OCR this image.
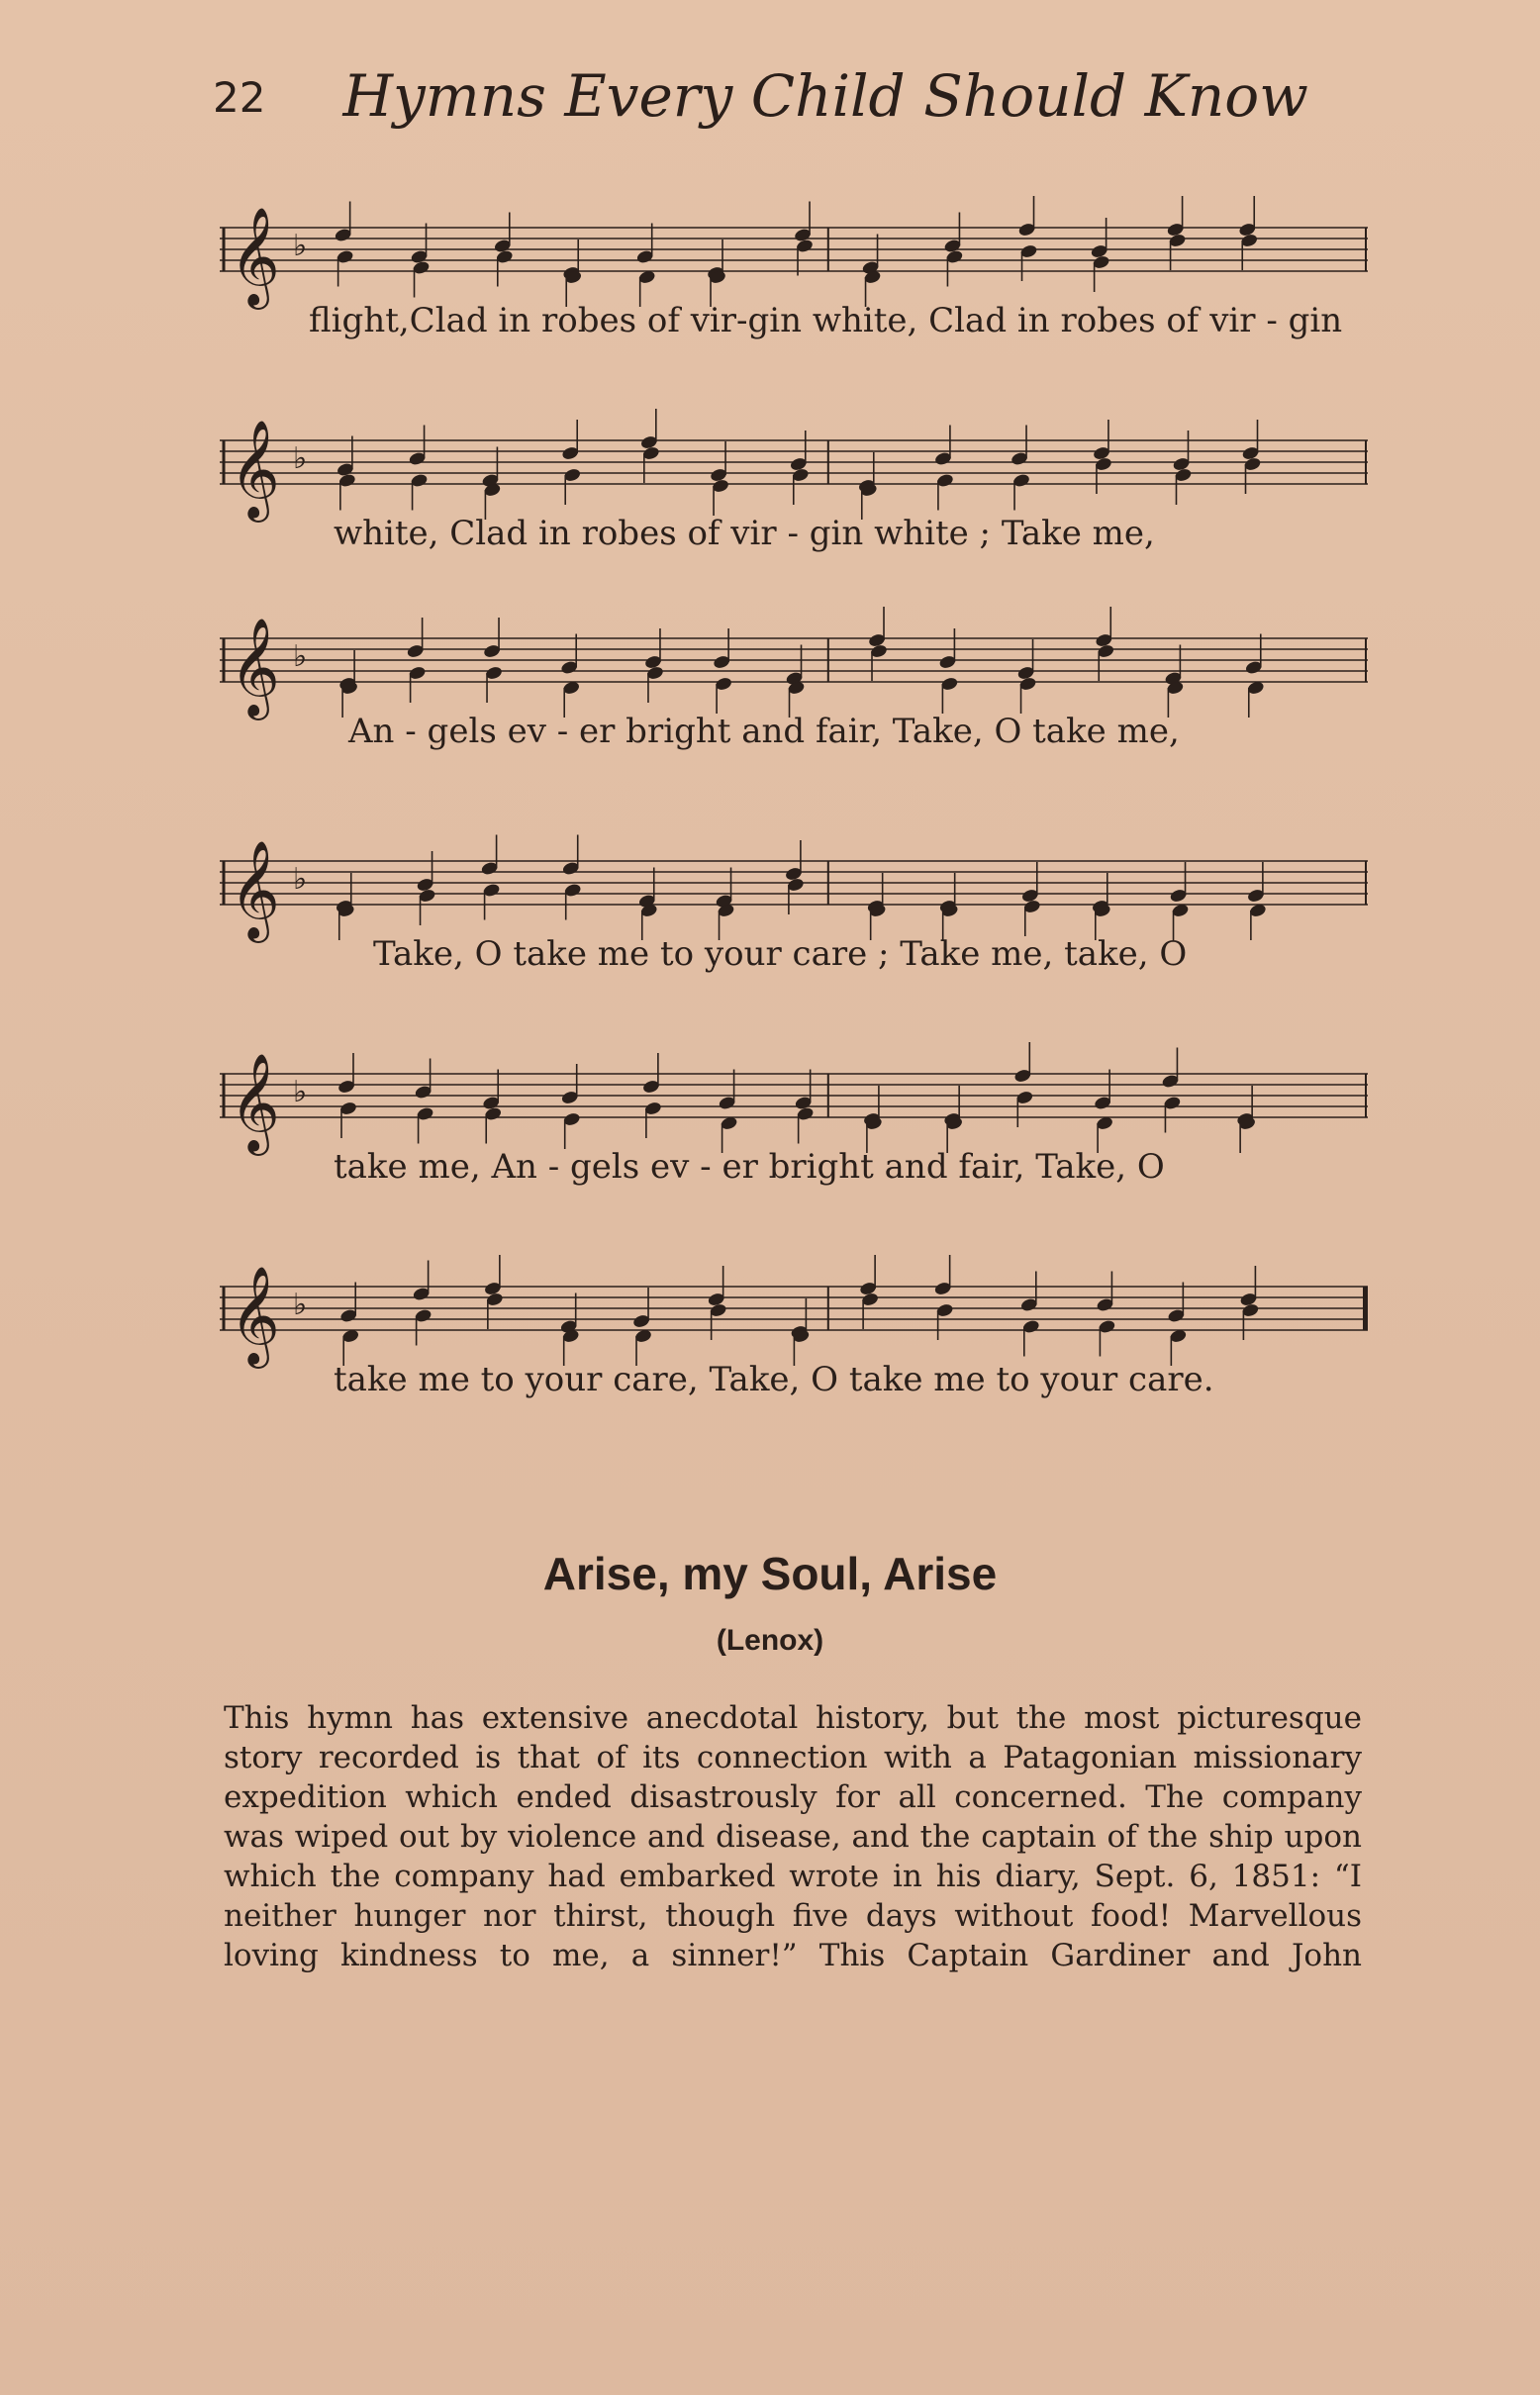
22 Hymns Every Child Should Know
𝄞 ♭
flight,Clad in robes of vir-gin white, Clad in robes of vir - gin
𝄞 ♭
white, Clad in robes of vir - gin white ; Take me,
𝄞 ♭
An - gels ev - er bright and fair, Take, O take me,
𝄞 ♭
Take, O take me to your care ; Take me, take, O
𝄞 ♭
take me, An - gels ev - er bright and fair, Take, O
𝄞 ♭
take me to your care, Take, O take me to your care.
Arise, my Soul, Arise
(Lenox)
This hymn has extensive anecdotal history, but the most picturesque
story recorded is that of its connection with a Patagonian missionary
expedition which ended disastrously for all concerned. The company
was wiped out by violence and disease, and the captain of the ship upon
which the company had embarked wrote in his diary, Sept. 6, 1851: “I
neither hunger nor thirst, though five days without food! Marvellous
loving kindness to me, a sinner!” This Captain Gardiner and John
